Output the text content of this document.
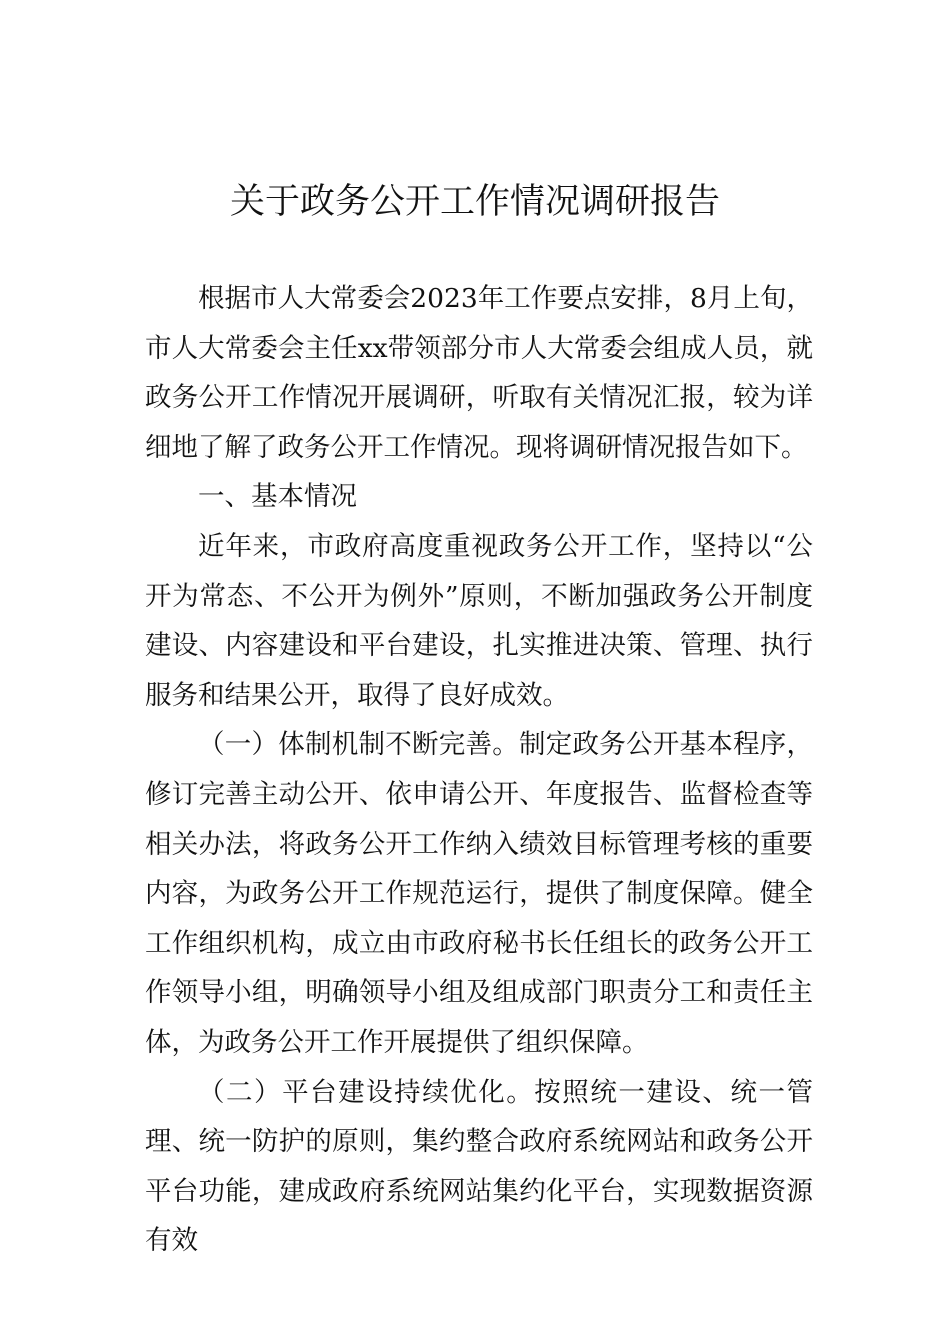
关于政务公开工作情况调研报告

根据市人大常委会2023年工作要点安排，8月上旬，市人大常委会主任xx带领部分市人大常委会组成人员，就政务公开工作情况开展调研，听取有关情况汇报，较为详细地了解了政务公开工作情况。现将调研情况报告如下。

一、基本情况

近年来，市政府高度重视政务公开工作，坚持以“公开为常态、不公开为例外”原则，不断加强政务公开制度建设、内容建设和平台建设，扎实推进决策、管理、执行服务和结果公开，取得了良好成效。

（一）体制机制不断完善。制定政务公开基本程序，修订完善主动公开、依申请公开、年度报告、监督检查等相关办法，将政务公开工作纳入绩效目标管理考核的重要内容，为政务公开工作规范运行，提供了制度保障。健全工作组织机构，成立由市政府秘书长任组长的政务公开工作领导小组，明确领导小组及组成部门职责分工和责任主体，为政务公开工作开展提供了组织保障。

（二）平台建设持续优化。按照统一建设、统一管理、统一防护的原则，集约整合政府系统网站和政务公开平台功能，建成政府系统网站集约化平台，实现数据资源有效
